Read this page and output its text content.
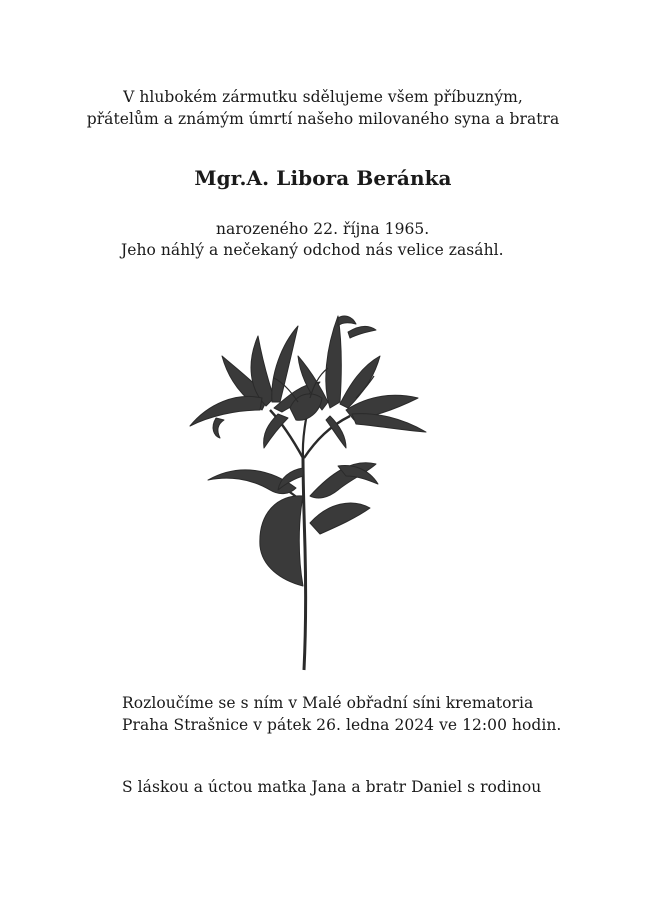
V hlubokém zármutku sdělujeme všem příbuzným,
přátelům a známým úmrtí našeho milovaného syna a bratra
Mgr.A. Libora Beránka
narozeného 22. října 1965.
Jeho náhlý a nečekaný odchod nás velice zasáhl.
Rozloučíme se s ním v Malé obřadní síni krematoria
Praha Strašnice v pátek 26. ledna 2024 ve 12:00 hodin.
S láskou a úctou matka Jana a bratr Daniel s rodinou
